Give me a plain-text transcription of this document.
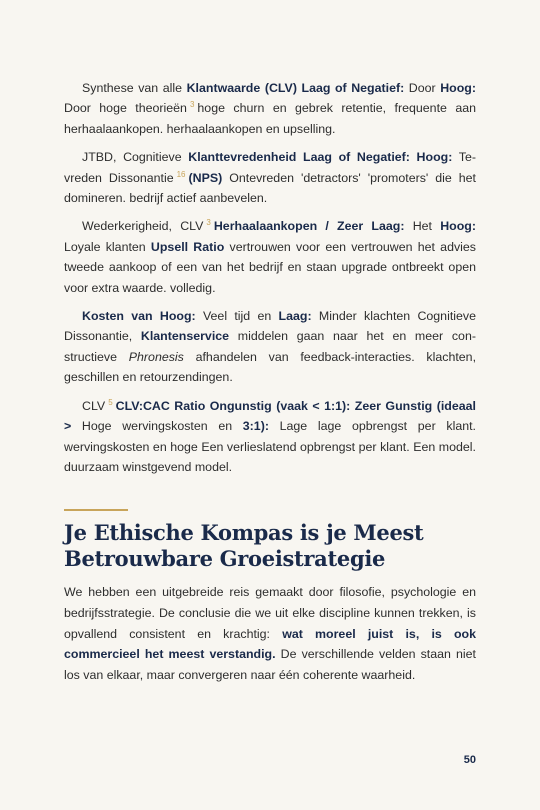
Synthese van alle Klantwaarde (CLV) Laag of Negatief: Door Hoog: Door hoge theorieën $^3$ hoge churn en gebrek retentie, frequente aan herhaalaankopen. herhaalaankopen en upselling.

JTBD, Cognitieve Klanttevredenheid Laag of Negatief: Hoog: Tevreden Dissonantie $^{16}$ (NPS) Ontevreden 'detractors' 'promoters' die het domineren. bedrijf actief aanbevelen.

Wederkerigheid, CLV $^3$ Herhaalaankopen / Zeer Laag: Het Hoog: Loyale klanten Upsell Ratio vertrouwen voor een vertrouwen het advies tweede aankoop of een van het bedrijf en staan upgrade ontbreekt open voor extra waarde. volledig.

Kosten van Hoog: Veel tijd en Laag: Minder klachten Cognitieve Dissonantie, Klantenservice middelen gaan naar het en meer constructieve Phronesis afhandelen van feedback-interacties. klachten, geschillen en retourzendingen.

CLV $^5$ CLV:CAC Ratio Ongunstig (vaak < 1:1): Zeer Gunstig (ideaal > Hoge wervingskosten en 3:1): Lage lage opbrengst per klant. wervingskosten en hoge Een verlieslatend opbrengst per klant. Een model. duurzaam winstgevend model.

Je Ethische Kompas is je Meest Betrouwbare Groeistrategie

We hebben een uitgebreide reis gemaakt door filosofie, psychologie en bedrijfsstrategie. De conclusie die we uit elke discipline kunnen trekken, is opvallend consistent en krachtig: wat moreel juist is, is ook commercieel het meest verstandig. De verschillende velden staan niet los van elkaar, maar convergeren naar één coherente waarheid.

50
